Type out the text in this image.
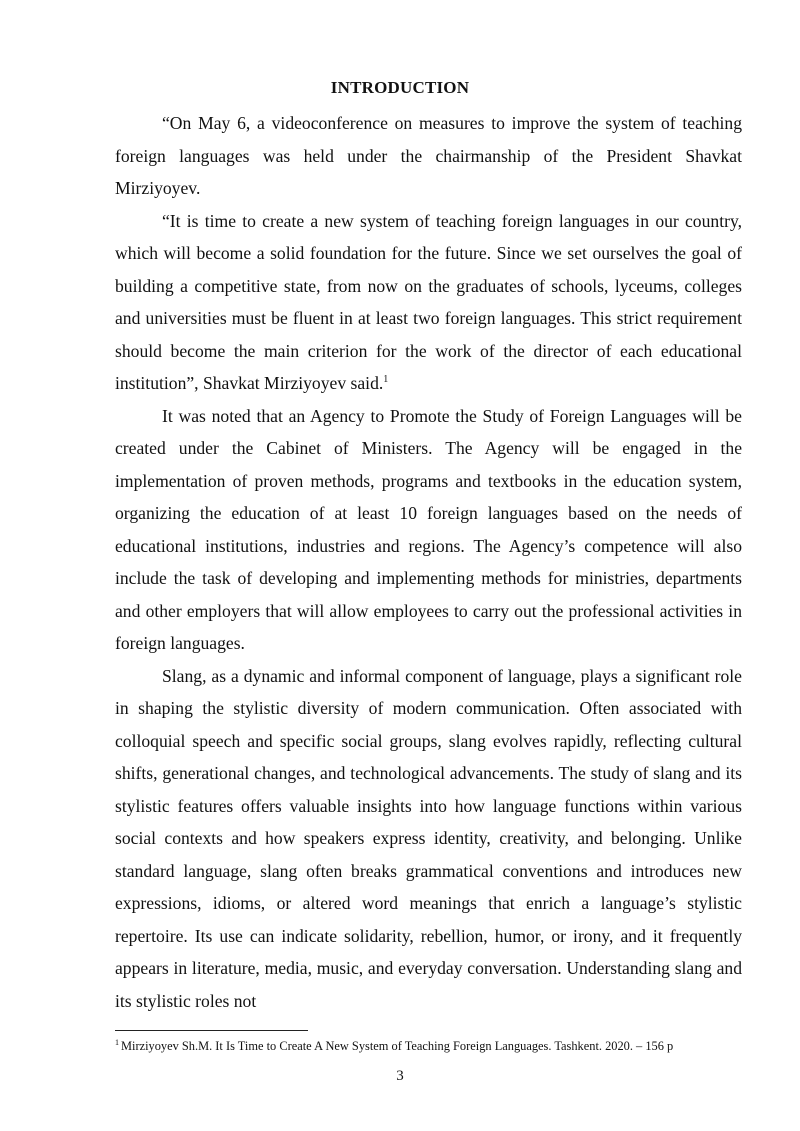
INTRODUCTION

“On May 6, a videoconference on measures to improve the system of teaching foreign languages was held under the chairmanship of the President Shavkat Mirziyoyev.

“It is time to create a new system of teaching foreign languages in our country, which will become a solid foundation for the future. Since we set ourselves the goal of building a competitive state, from now on the graduates of schools, lyceums, colleges and universities must be fluent in at least two foreign languages. This strict requirement should become the main criterion for the work of the director of each educational institution”, Shavkat Mirziyoyev said.$^1$

It was noted that an Agency to Promote the Study of Foreign Languages will be created under the Cabinet of Ministers. The Agency will be engaged in the implementation of proven methods, programs and textbooks in the education system, organizing the education of at least 10 foreign languages based on the needs of educational institutions, industries and regions. The Agency’s competence will also include the task of developing and implementing methods for ministries, departments and other employers that will allow employees to carry out the professional activities in foreign languages.

Slang, as a dynamic and informal component of language, plays a significant role in shaping the stylistic diversity of modern communication. Often associated with colloquial speech and specific social groups, slang evolves rapidly, reflecting cultural shifts, generational changes, and technological advancements. The study of slang and its stylistic features offers valuable insights into how language functions within various social contexts and how speakers express identity, creativity, and belonging. Unlike standard language, slang often breaks grammatical conventions and introduces new expressions, idioms, or altered word meanings that enrich a language’s stylistic repertoire. Its use can indicate solidarity, rebellion, humor, or irony, and it frequently appears in literature, media, music, and everyday conversation. Understanding slang and its stylistic roles not

$^1$ Mirziyoyev Sh.M. It Is Time to Create A New System of Teaching Foreign Languages. Tashkent. 2020. – 156 p
3
